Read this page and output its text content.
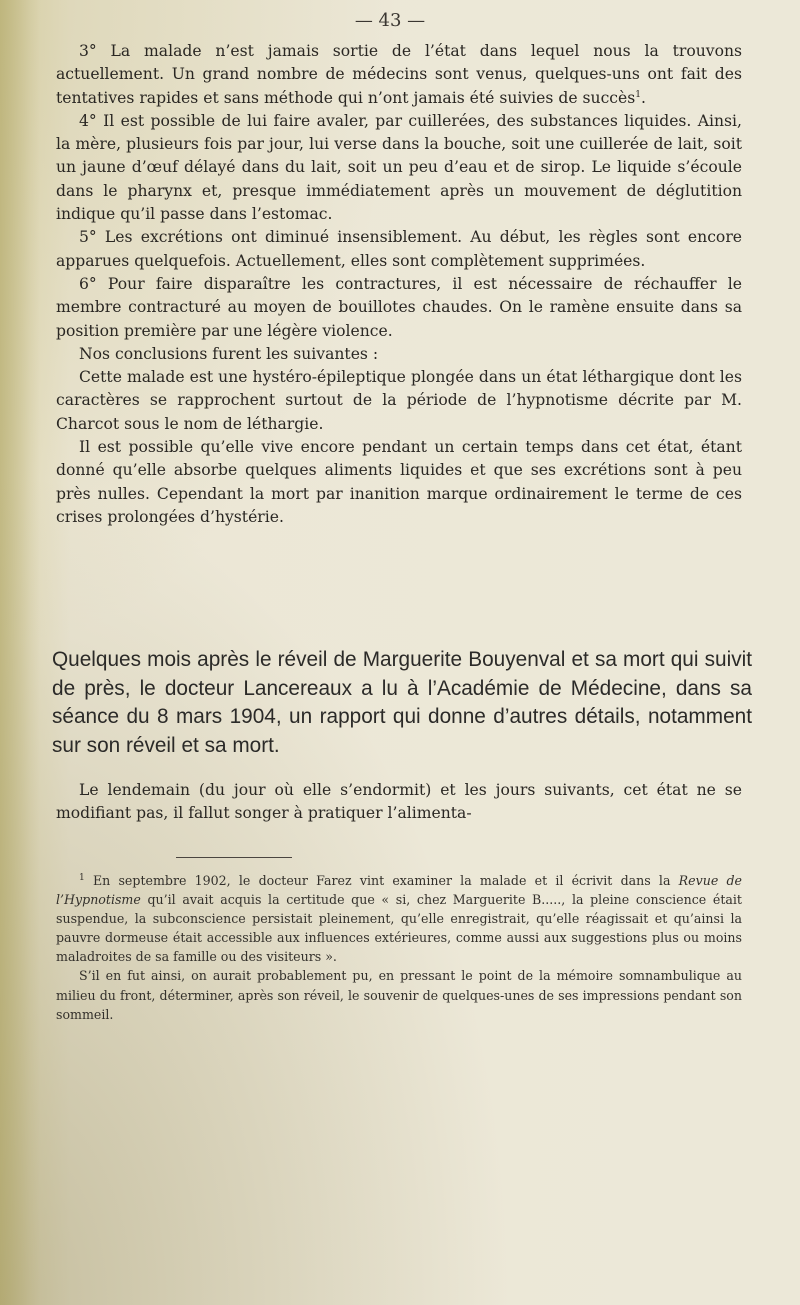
— 43 —

3° La malade n’est jamais sortie de l’état dans lequel nous la trouvons actuellement. Un grand nombre de médecins sont venus, quelques-uns ont fait des tentatives rapides et sans méthode qui n’ont jamais été suivies de succès$^1$.

4° Il est possible de lui faire avaler, par cuillerées, des substances liquides. Ainsi, la mère, plusieurs fois par jour, lui verse dans la bouche, soit une cuillerée de lait, soit un jaune d’œuf délayé dans du lait, soit un peu d’eau et de sirop. Le liquide s’écoule dans le pharynx et, presque immédiatement après un mouvement de déglutition indique qu’il passe dans l’estomac.

5° Les excrétions ont diminué insensiblement. Au début, les règles sont encore apparues quelquefois. Actuellement, elles sont complètement supprimées.

6° Pour faire disparaître les contractures, il est nécessaire de réchauffer le membre contracturé au moyen de bouillotes chaudes. On le ramène ensuite dans sa position première par une légère violence.

Nos conclusions furent les suivantes :

Cette malade est une hystéro-épileptique plongée dans un état léthargique dont les caractères se rapprochent surtout de la période de l’hypnotisme décrite par M. Charcot sous le nom de léthargie.

Il est possible qu’elle vive encore pendant un certain temps dans cet état, étant donné qu’elle absorbe quelques aliments liquides et que ses excrétions sont à peu près nulles. Cependant la mort par inanition marque ordinairement le terme de ces crises prolongées d’hystérie.

Quelques mois après le réveil de Marguerite Bouyenval et sa mort qui suivit de près, le docteur Lancereaux a lu à l’Académie de Médecine, dans sa séance du 8 mars 1904, un rapport qui donne d’autres détails, notamment sur son réveil et sa mort.

Le lendemain (du jour où elle s’endormit) et les jours suivants, cet état ne se modifiant pas, il fallut songer à pratiquer l’alimenta-

$^1$ En septembre 1902, le docteur Farez vint examiner la malade et il écrivit dans la Revue de l’Hypnotisme qu’il avait acquis la certitude que « si, chez Marguerite B....., la pleine conscience était suspendue, la subconscience persistait pleinement, qu’elle enregistrait, qu’elle réagissait et qu’ainsi la pauvre dormeuse était accessible aux influences extérieures, comme aussi aux suggestions plus ou moins maladroites de sa famille ou des visiteurs ».

S’il en fut ainsi, on aurait probablement pu, en pressant le point de la mémoire somnambulique au milieu du front, déterminer, après son réveil, le souvenir de quelques-unes de ses impressions pendant son sommeil.
